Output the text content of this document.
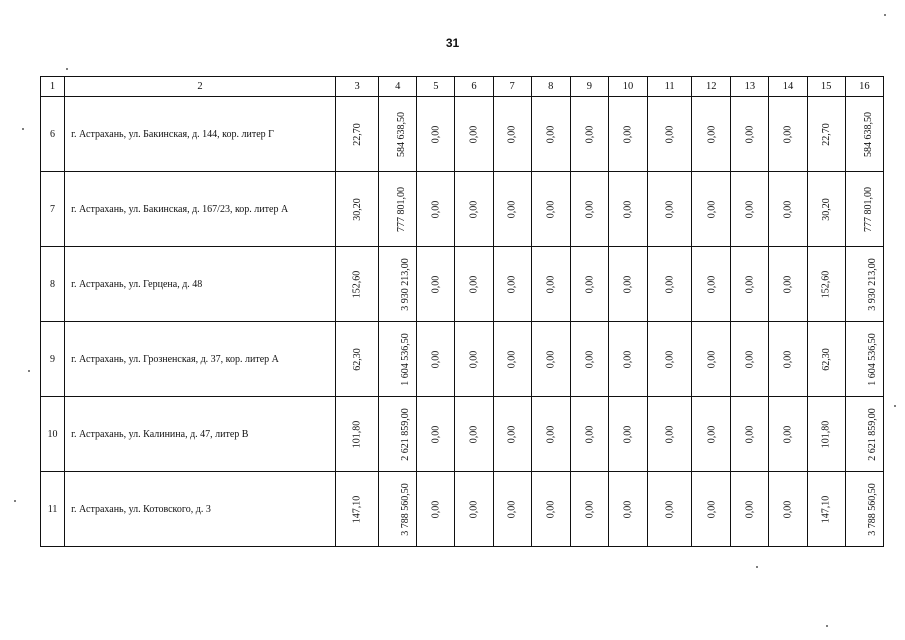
31
1	2	3	4	5	6	7	8	9	10	11	12	13	14	15	16
6	г. Астрахань, ул. Бакинская, д. 144, кор. литер Г	22,70	584 638,50	0,00	0,00	0,00	0,00	0,00	0,00	0,00	0,00	0,00	0,00	22,70	584 638,50
7	г. Астрахань, ул. Бакинская, д. 167/23, кор. литер А	30,20	777 801,00	0,00	0,00	0,00	0,00	0,00	0,00	0,00	0,00	0,00	0,00	30,20	777 801,00
8	г. Астрахань, ул. Герцена, д. 48	152,60	3 930 213,00	0,00	0,00	0,00	0,00	0,00	0,00	0,00	0,00	0,00	0,00	152,60	3 930 213,00
9	г. Астрахань, ул. Грозненская, д. 37, кор. литер А	62,30	1 604 536,50	0,00	0,00	0,00	0,00	0,00	0,00	0,00	0,00	0,00	0,00	62,30	1 604 536,50
10	г. Астрахань, ул. Калинина, д. 47, литер В	101,80	2 621 859,00	0,00	0,00	0,00	0,00	0,00	0,00	0,00	0,00	0,00	0,00	101,80	2 621 859,00
11	г. Астрахань, ул. Котовского, д. 3	147,10	3 788 560,50	0,00	0,00	0,00	0,00	0,00	0,00	0,00	0,00	0,00	0,00	147,10	3 788 560,50
